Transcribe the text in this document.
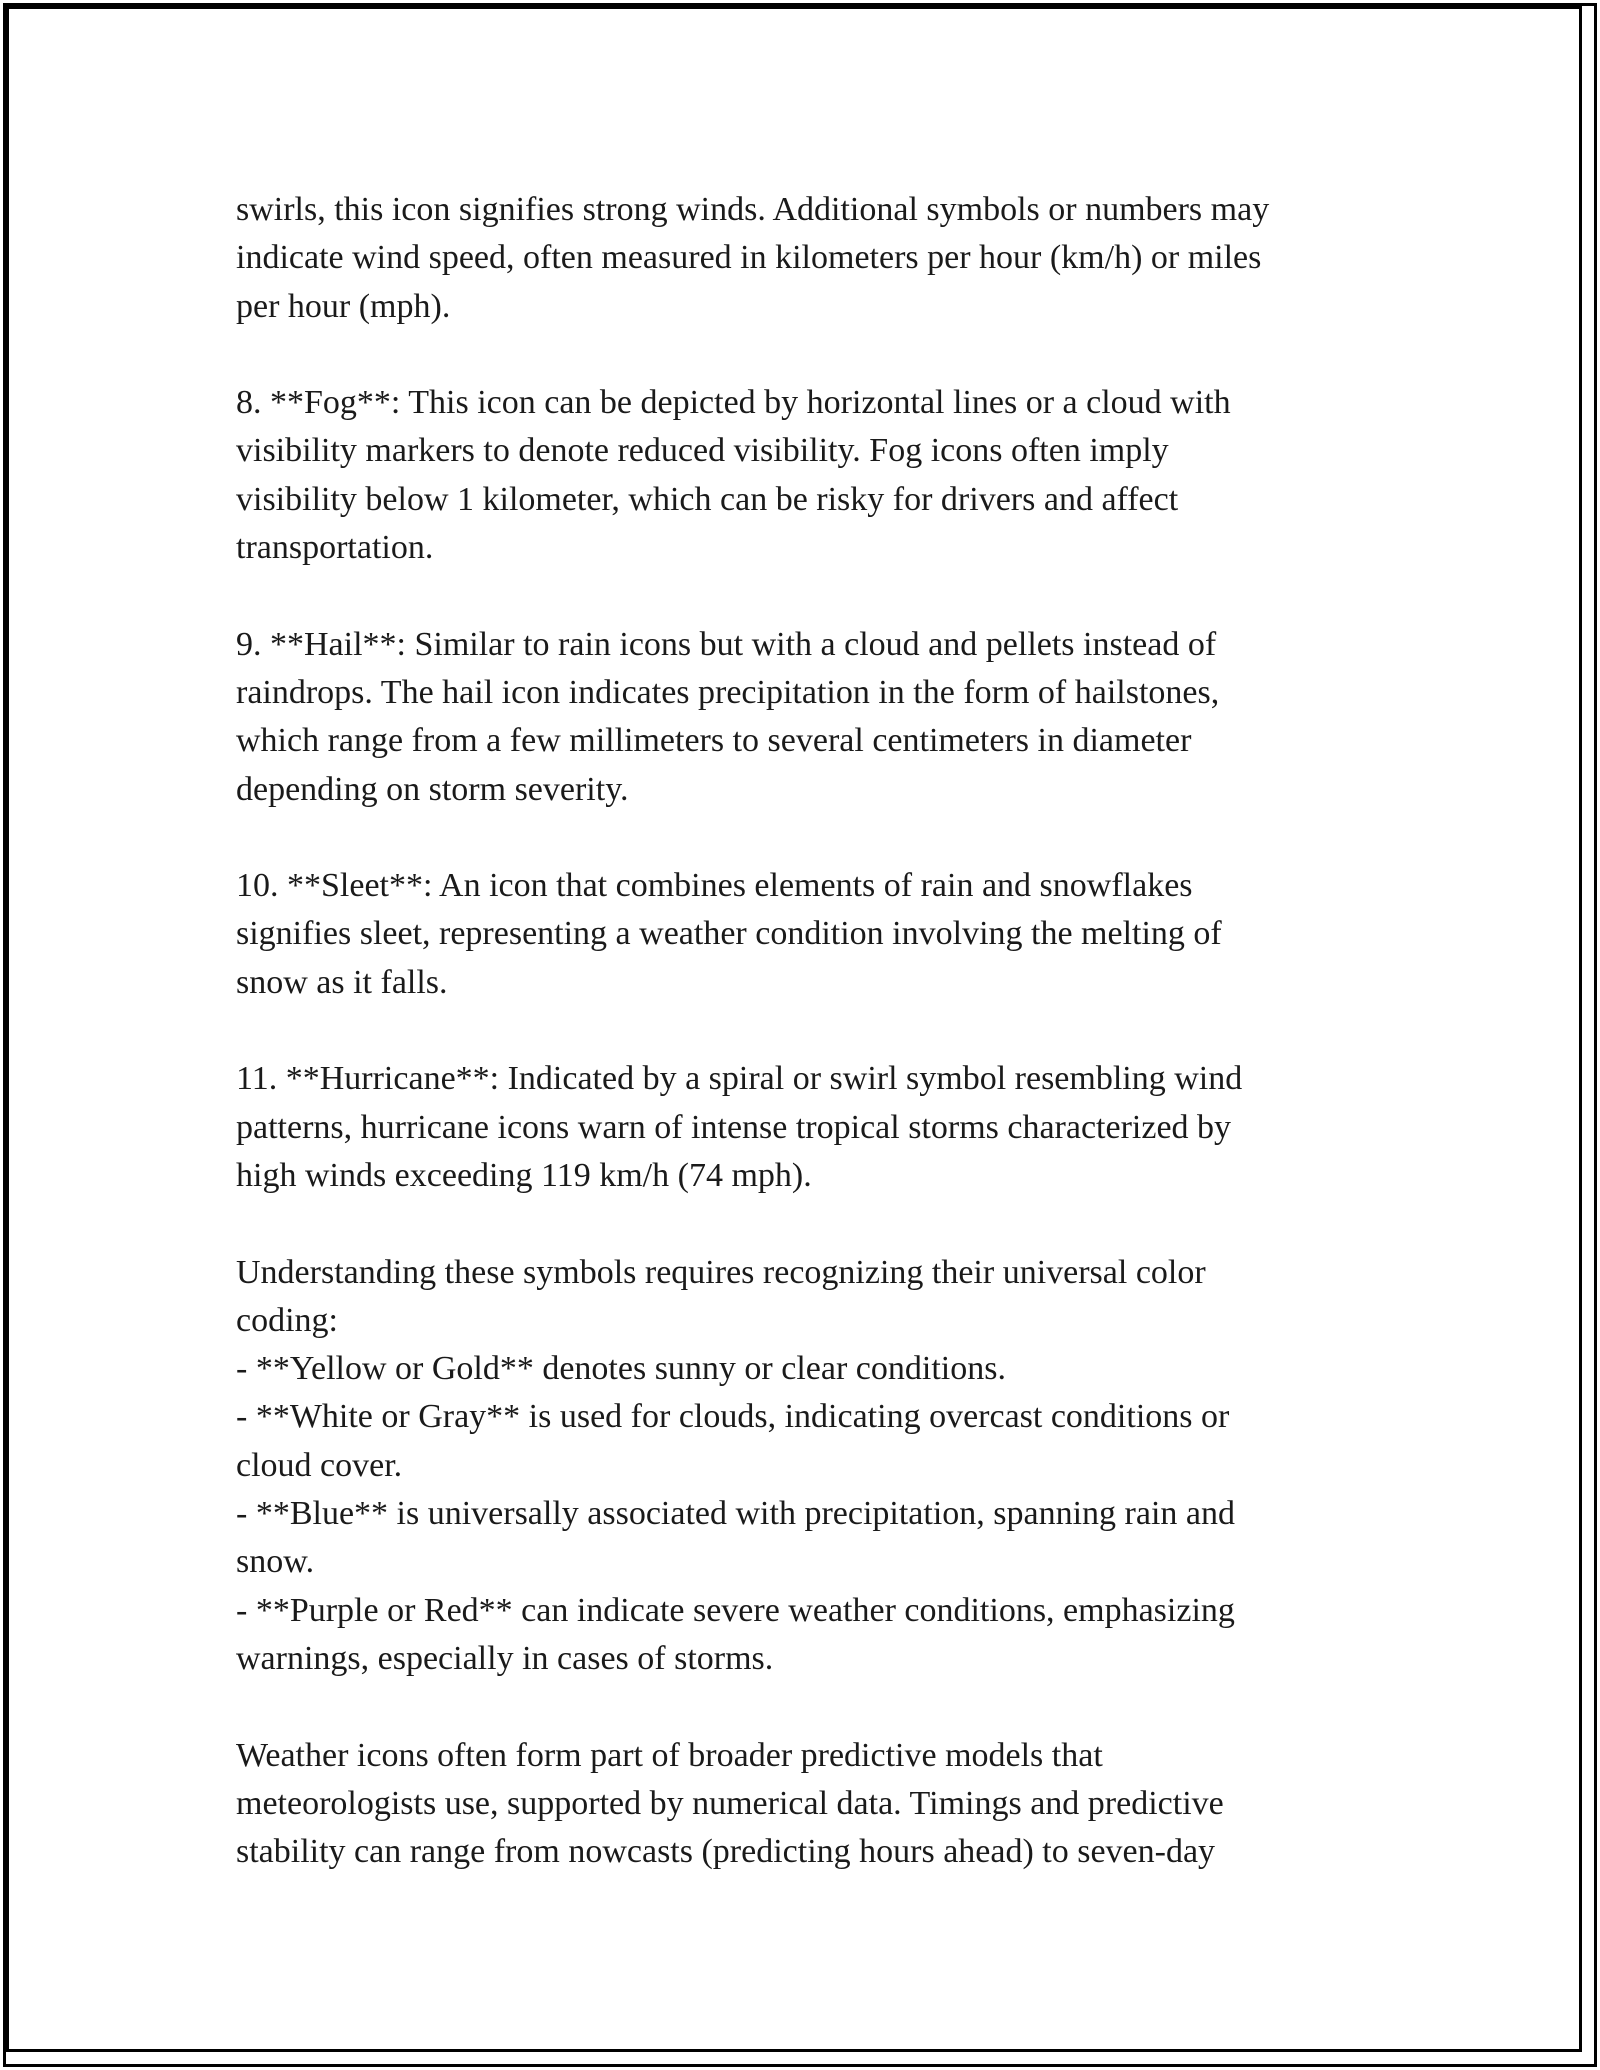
swirls, this icon signifies strong winds. Additional symbols or numbers may
indicate wind speed, often measured in kilometers per hour (km/h) or miles
per hour (mph).

8. **Fog**: This icon can be depicted by horizontal lines or a cloud with
visibility markers to denote reduced visibility. Fog icons often imply
visibility below 1 kilometer, which can be risky for drivers and affect
transportation.

9. **Hail**: Similar to rain icons but with a cloud and pellets instead of
raindrops. The hail icon indicates precipitation in the form of hailstones,
which range from a few millimeters to several centimeters in diameter
depending on storm severity.

10. **Sleet**: An icon that combines elements of rain and snowflakes
signifies sleet, representing a weather condition involving the melting of
snow as it falls.

11. **Hurricane**: Indicated by a spiral or swirl symbol resembling wind
patterns, hurricane icons warn of intense tropical storms characterized by
high winds exceeding 119 km/h (74 mph).

Understanding these symbols requires recognizing their universal color
coding:
- **Yellow or Gold** denotes sunny or clear conditions.
- **White or Gray** is used for clouds, indicating overcast conditions or
cloud cover.
- **Blue** is universally associated with precipitation, spanning rain and
snow.
- **Purple or Red** can indicate severe weather conditions, emphasizing
warnings, especially in cases of storms.

Weather icons often form part of broader predictive models that
meteorologists use, supported by numerical data. Timings and predictive
stability can range from nowcasts (predicting hours ahead) to seven-day
